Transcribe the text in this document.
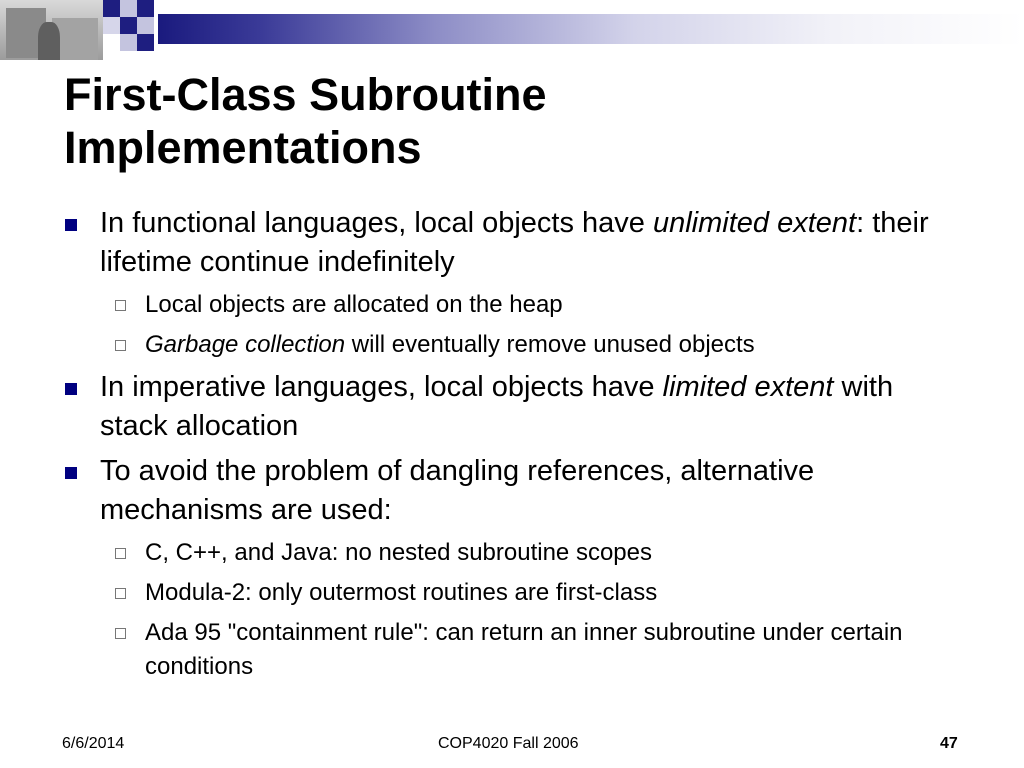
First-Class Subroutine
Implementations
In functional languages, local objects have unlimited extent: their lifetime continue indefinitely
Local objects are allocated on the heap
Garbage collection will eventually remove unused objects
In imperative languages, local objects have limited extent with stack allocation
To avoid the problem of dangling references, alternative mechanisms are used:
C, C++, and Java: no nested subroutine scopes
Modula-2: only outermost routines are first-class
Ada 95 "containment rule": can return an inner subroutine under certain conditions
6/6/2014	COP4020 Fall 2006	47
